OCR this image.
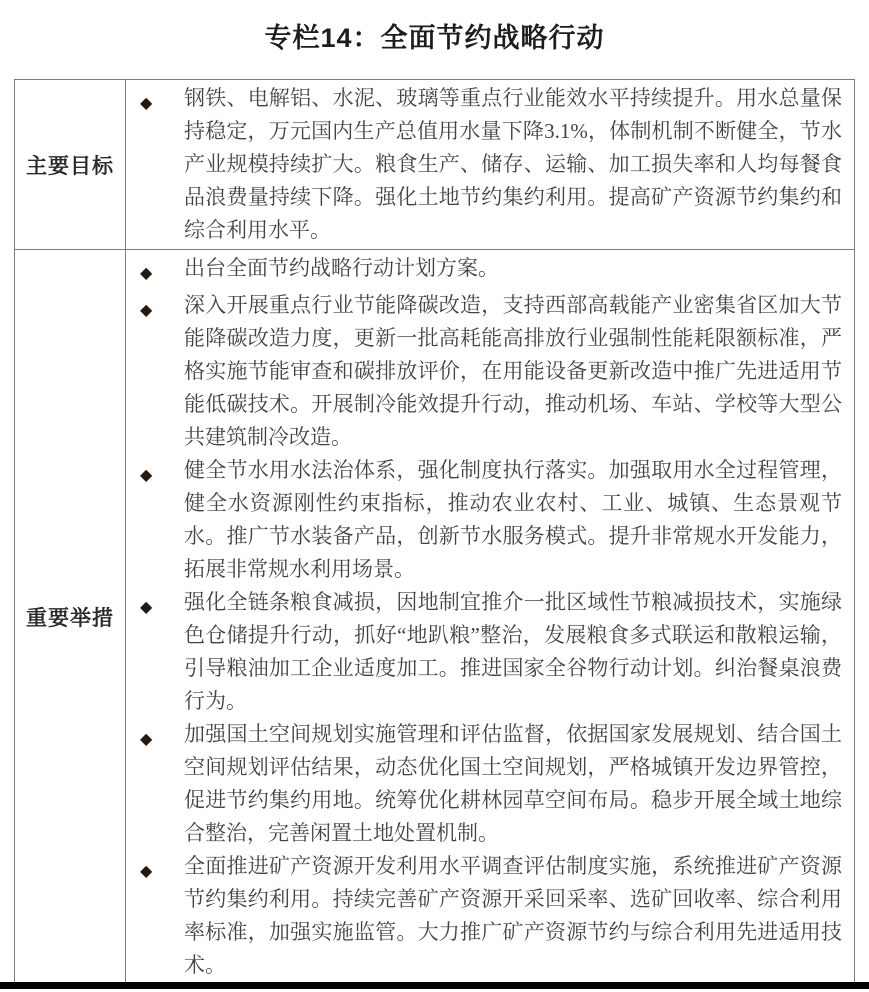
专栏14：全面节约战略行动
主要目标	◆ 钢铁、电解铝、水泥、玻璃等重点行业能效水平持续提升。用水总量保持稳定，万元国内生产总值用水量下降3.1%，体制机制不断健全，节水产业规模持续扩大。粮食生产、储存、运输、加工损失率和人均每餐食品浪费量持续下降。强化土地节约集约利用。提高矿产资源节约集约和综合利用水平。

重要举措	
◆	出台全面节约战略行动计划方案。
◆	深入开展重点行业节能降碳改造，支持西部高载能产业密集省区加大节能降碳改造力度，更新一批高耗能高排放行业强制性能耗限额标准，严格实施节能审查和碳排放评价，在用能设备更新改造中推广先进适用节能低碳技术。开展制冷能效提升行动，推动机场、车站、学校等大型公共建筑制冷改造。
◆	健全节水用水法治体系，强化制度执行落实。加强取用水全过程管理，健全水资源刚性约束指标，推动农业农村、工业、城镇、生态景观节水。推广节水装备产品，创新节水服务模式。提升非常规水开发能力，拓展非常规水利用场景。
◆	强化全链条粮食减损，因地制宜推介一批区域性节粮减损技术，实施绿色仓储提升行动，抓好“地趴粮”整治，发展粮食多式联运和散粮运输，引导粮油加工企业适度加工。推进国家全谷物行动计划。纠治餐桌浪费行为。
◆	加强国土空间规划实施管理和评估监督，依据国家发展规划、结合国土空间规划评估结果，动态优化国土空间规划，严格城镇开发边界管控，促进节约集约用地。统筹优化耕林园草空间布局。稳步开展全域土地综合整治，完善闲置土地处置机制。
◆	全面推进矿产资源开发利用水平调查评估制度实施，系统推进矿产资源节约集约利用。持续完善矿产资源开采回采率、选矿回收率、综合利用率标准，加强实施监管。大力推广矿产资源节约与综合利用先进适用技术。
